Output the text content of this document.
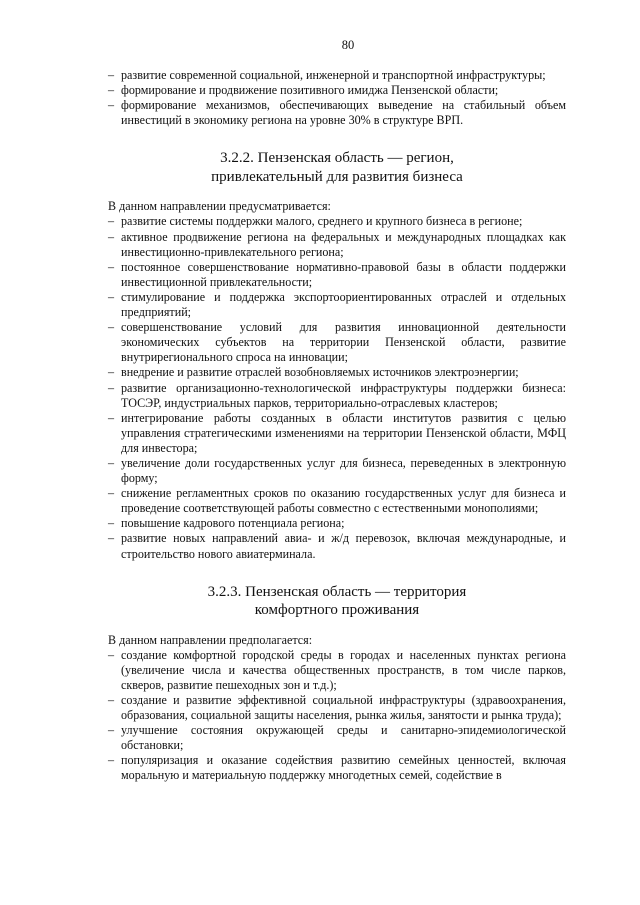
80
– развитие современной социальной, инженерной и транспортной инфраструктуры;
– формирование и продвижение позитивного имиджа Пензенской области;
– формирование механизмов, обеспечивающих выведение на стабильный объем инвестиций в экономику региона на уровне 30% в структуре ВРП.
3.2.2. Пензенская область — регион,
привлекательный для развития бизнеса
В данном направлении предусматривается:
– развитие системы поддержки малого, среднего и крупного бизнеса в регионе;
– активное продвижение региона на федеральных и международных площадках как инвестиционно-привлекательного региона;
– постоянное совершенствование нормативно-правовой базы в области поддержки инвестиционной привлекательности;
– стимулирование и поддержка экспортоориентированных отраслей и отдельных предприятий;
– совершенствование условий для развития инновационной деятельности экономических субъектов на территории Пензенской области, развитие внутрирегионального спроса на инновации;
– внедрение и развитие отраслей возобновляемых источников электроэнергии;
– развитие организационно-технологической инфраструктуры поддержки бизнеса: ТОСЭР, индустриальных парков, территориально-отраслевых кластеров;
– интегрирование работы созданных в области институтов развития с целью управления стратегическими изменениями на территории Пензенской области, МФЦ для инвестора;
– увеличение доли государственных услуг для бизнеса, переведенных в электронную форму;
– снижение регламентных сроков по оказанию государственных услуг для бизнеса и проведение соответствующей работы совместно с естественными монополиями;
– повышение кадрового потенциала региона;
– развитие новых направлений авиа- и ж/д перевозок, включая международные, и строительство нового авиатерминала.
3.2.3. Пензенская область — территория
комфортного проживания
В данном направлении предполагается:
– создание комфортной городской среды в городах и населенных пунктах региона (увеличение числа и качества общественных пространств, в том числе парков, скверов, развитие пешеходных зон и т.д.);
– создание и развитие эффективной социальной инфраструктуры (здравоохранения, образования, социальной защиты населения, рынка жилья, занятости и рынка труда);
– улучшение состояния окружающей среды и санитарно-эпидемиологической обстановки;
– популяризация и оказание содействия развитию семейных ценностей, включая моральную и материальную поддержку многодетных семей, содействие в
